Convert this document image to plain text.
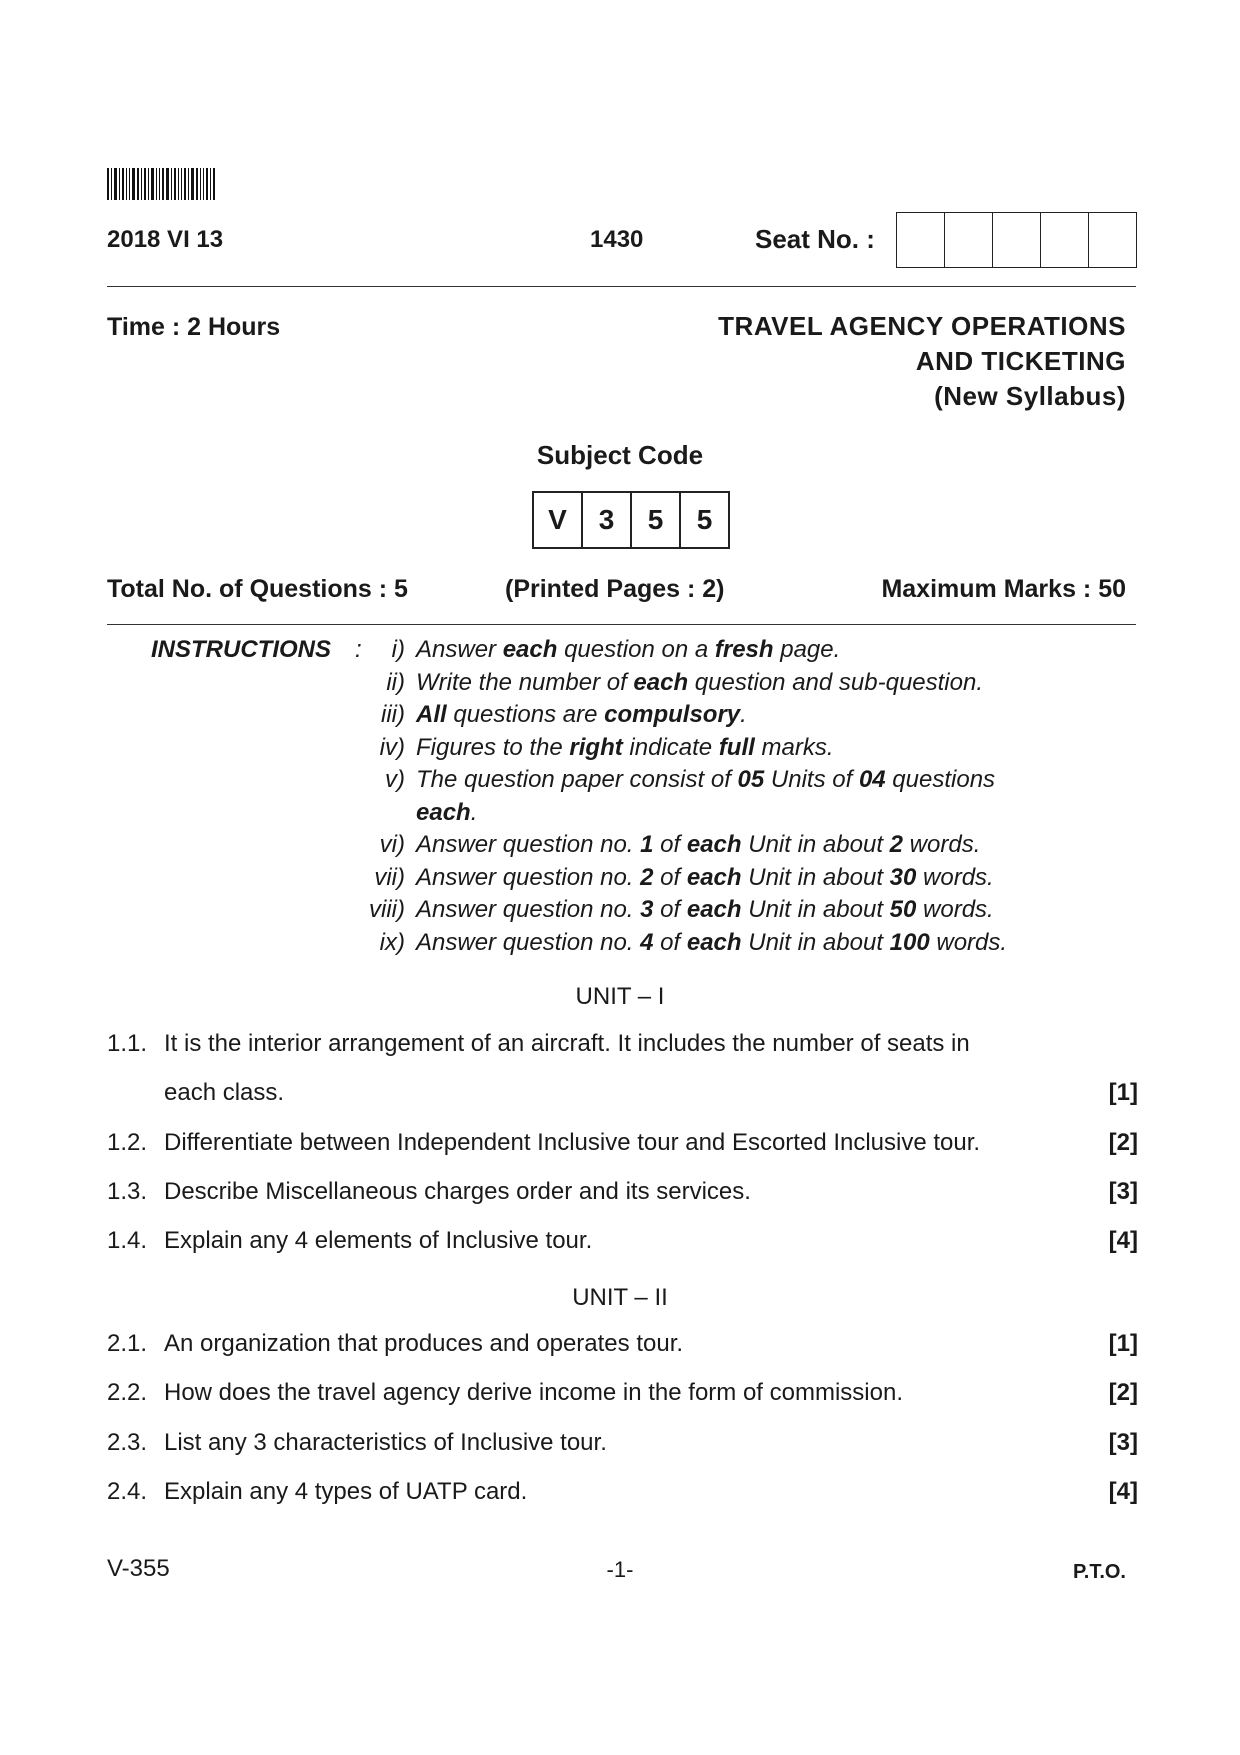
2018 VI 13	1430	Seat No. :
Time : 2 Hours	TRAVEL AGENCY OPERATIONS
AND TICKETING
(New Syllabus)
Subject Code
V	3	5	5
Total No. of Questions : 5	(Printed Pages : 2)	Maximum Marks : 50
INSTRUCTIONS :	i) Answer each question on a fresh page.
ii) Write the number of each question and sub-question.
iii) All questions are compulsory.
iv) Figures to the right indicate full marks.
v) The question paper consist of 05 Units of 04 questions
each.
vi) Answer question no. 1 of each Unit in about 2 words.
vii) Answer question no. 2 of each Unit in about 30 words.
viii) Answer question no. 3 of each Unit in about 50 words.
ix) Answer question no. 4 of each Unit in about 100 words.
UNIT – I
1.1. It is the interior arrangement of an aircraft. It includes the number of seats in
each class.	[1]
1.2. Differentiate between Independent Inclusive tour and Escorted Inclusive tour.	[2]
1.3. Describe Miscellaneous charges order and its services.	[3]
1.4. Explain any 4 elements of Inclusive tour.	[4]
UNIT – II
2.1. An organization that produces and operates tour.	[1]
2.2. How does the travel agency derive income in the form of commission.	[2]
2.3. List any 3 characteristics of Inclusive tour.	[3]
2.4. Explain any 4 types of UATP card.	[4]
V-355	-1-	P.T.O.
